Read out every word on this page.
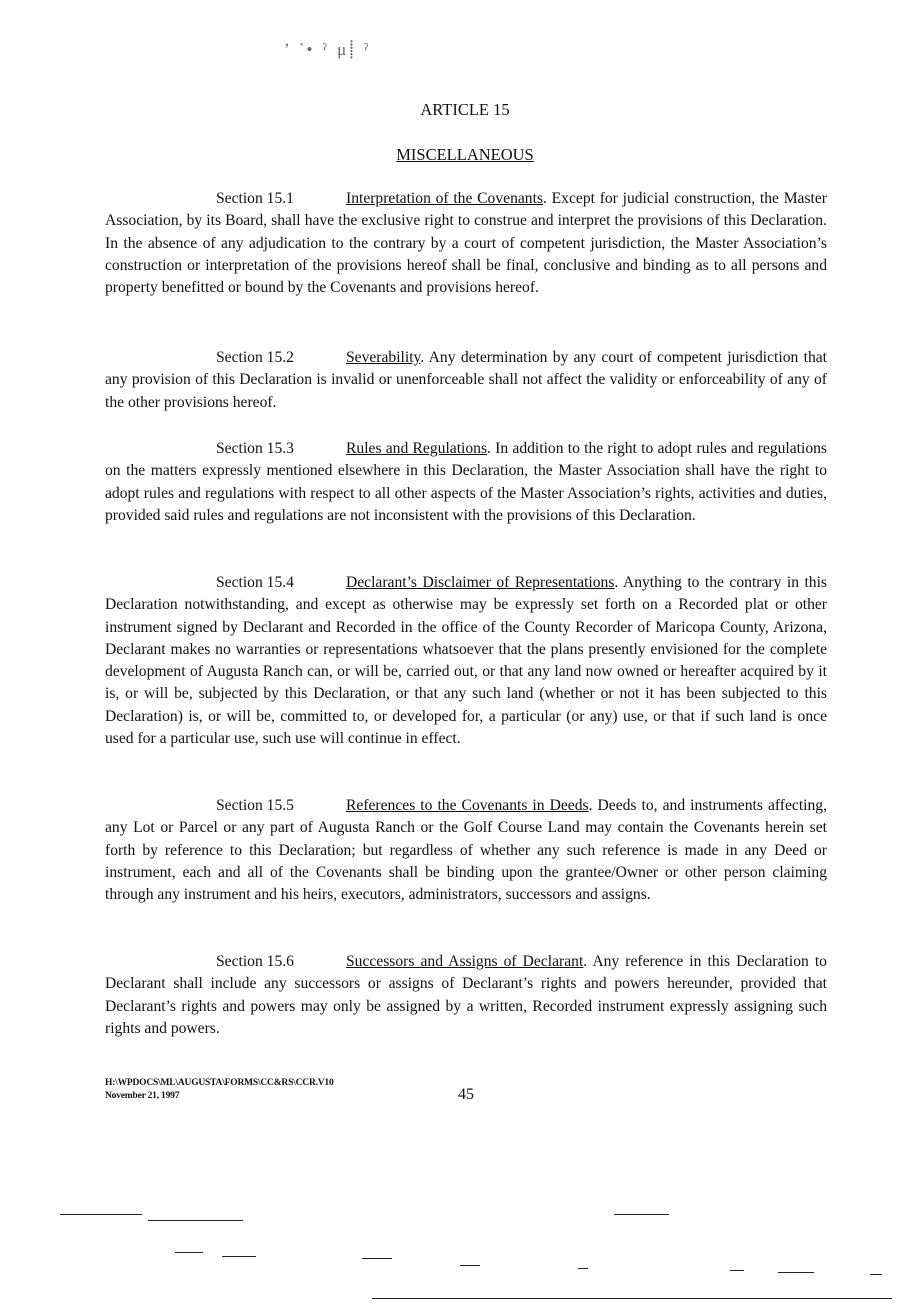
ʼ ་• ˀ μ⸽ ˀ
ARTICLE 15
MISCELLANEOUS
Section 15.1	Interpretation of the Covenants. Except for judicial construction, the Master Association, by its Board, shall have the exclusive right to construe and interpret the provisions of this Declaration. In the absence of any adjudication to the contrary by a court of competent jurisdiction, the Master Association’s construction or interpretation of the provisions hereof shall be final, conclusive and binding as to all persons and property benefitted or bound by the Covenants and provisions hereof.
Section 15.2	Severability. Any determination by any court of competent jurisdiction that any provision of this Declaration is invalid or unenforceable shall not affect the validity or enforceability of any of the other provisions hereof.
Section 15.3	Rules and Regulations. In addition to the right to adopt rules and regulations on the matters expressly mentioned elsewhere in this Declaration, the Master Association shall have the right to adopt rules and regulations with respect to all other aspects of the Master Association’s rights, activities and duties, provided said rules and regulations are not inconsistent with the provisions of this Declaration.
Section 15.4	Declarant’s Disclaimer of Representations. Anything to the contrary in this Declaration notwithstanding, and except as otherwise may be expressly set forth on a Recorded plat or other instrument signed by Declarant and Recorded in the office of the County Recorder of Maricopa County, Arizona, Declarant makes no warranties or representations whatsoever that the plans presently envisioned for the complete development of Augusta Ranch can, or will be, carried out, or that any land now owned or hereafter acquired by it is, or will be, subjected by this Declaration, or that any such land (whether or not it has been subjected to this Declaration) is, or will be, committed to, or developed for, a particular (or any) use, or that if such land is once used for a particular use, such use will continue in effect.
Section 15.5	References to the Covenants in Deeds. Deeds to, and instruments affecting, any Lot or Parcel or any part of Augusta Ranch or the Golf Course Land may contain the Covenants herein set forth by reference to this Declaration; but regardless of whether any such reference is made in any Deed or instrument, each and all of the Covenants shall be binding upon the grantee/Owner or other person claiming through any instrument and his heirs, executors, administrators, successors and assigns.
Section 15.6	Successors and Assigns of Declarant. Any reference in this Declaration to Declarant shall include any successors or assigns of Declarant’s rights and powers hereunder, provided that Declarant’s rights and powers may only be assigned by a written, Recorded instrument expressly assigning such rights and powers.
H:\WPDOCS\ML\AUGUSTA\FORMS\CC&RS\CCR.V10
November 21, 1997	45
